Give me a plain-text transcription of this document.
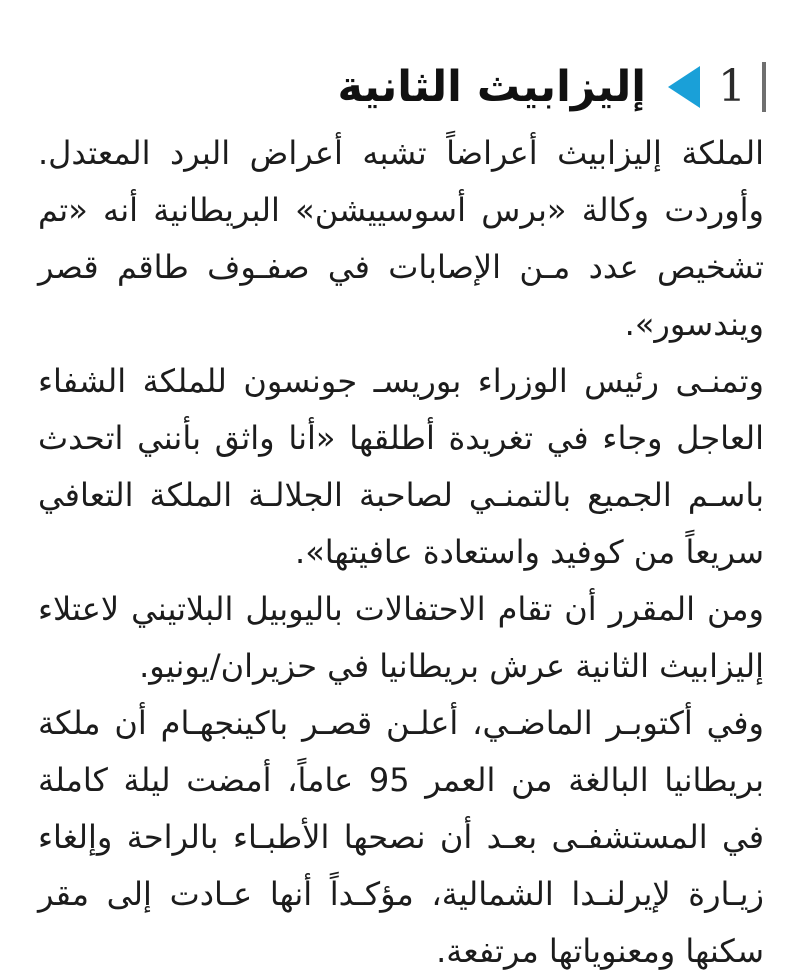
1
إليزابيث الثانية
الملكة إليزابيث أعراضاً تشبه أعراض البرد المعتدل.
وأوردت وكالة «برس أسوسييشن» البريطانية أنه «تم
تشخيص عدد مـن الإصابات في صفـوف طاقم قصر
ويندسور».
وتمنـى رئيس الوزراء بوريسـ جونسون للملكة الشفاء
العاجل وجاء في تغريدة أطلقها «أنا واثق بأنني اتحدث
باسـم الجميع بالتمنـي لصاحبة الجلالـة الملكة التعافي
سريعاً من كوفيد واستعادة عافيتها».
ومن المقرر أن تقام الاحتفالات باليوبيل البلاتيني لاعتلاء
إليزابيث الثانية عرش بريطانيا في حزيران/يونيو.
وفي أكتوبـر الماضـي، أعلـن قصـر باكينجهـام أن ملكة
بريطانيا البالغة من العمر 95 عاماً، أمضت ليلة كاملة
في المستشفـى بعـد أن نصحها الأطبـاء بالراحة وإلغاء
زيـارة لإيرلنـدا الشمالية، مؤكـداً أنها عـادت إلى مقر
سكنها ومعنوياتها مرتفعة.
